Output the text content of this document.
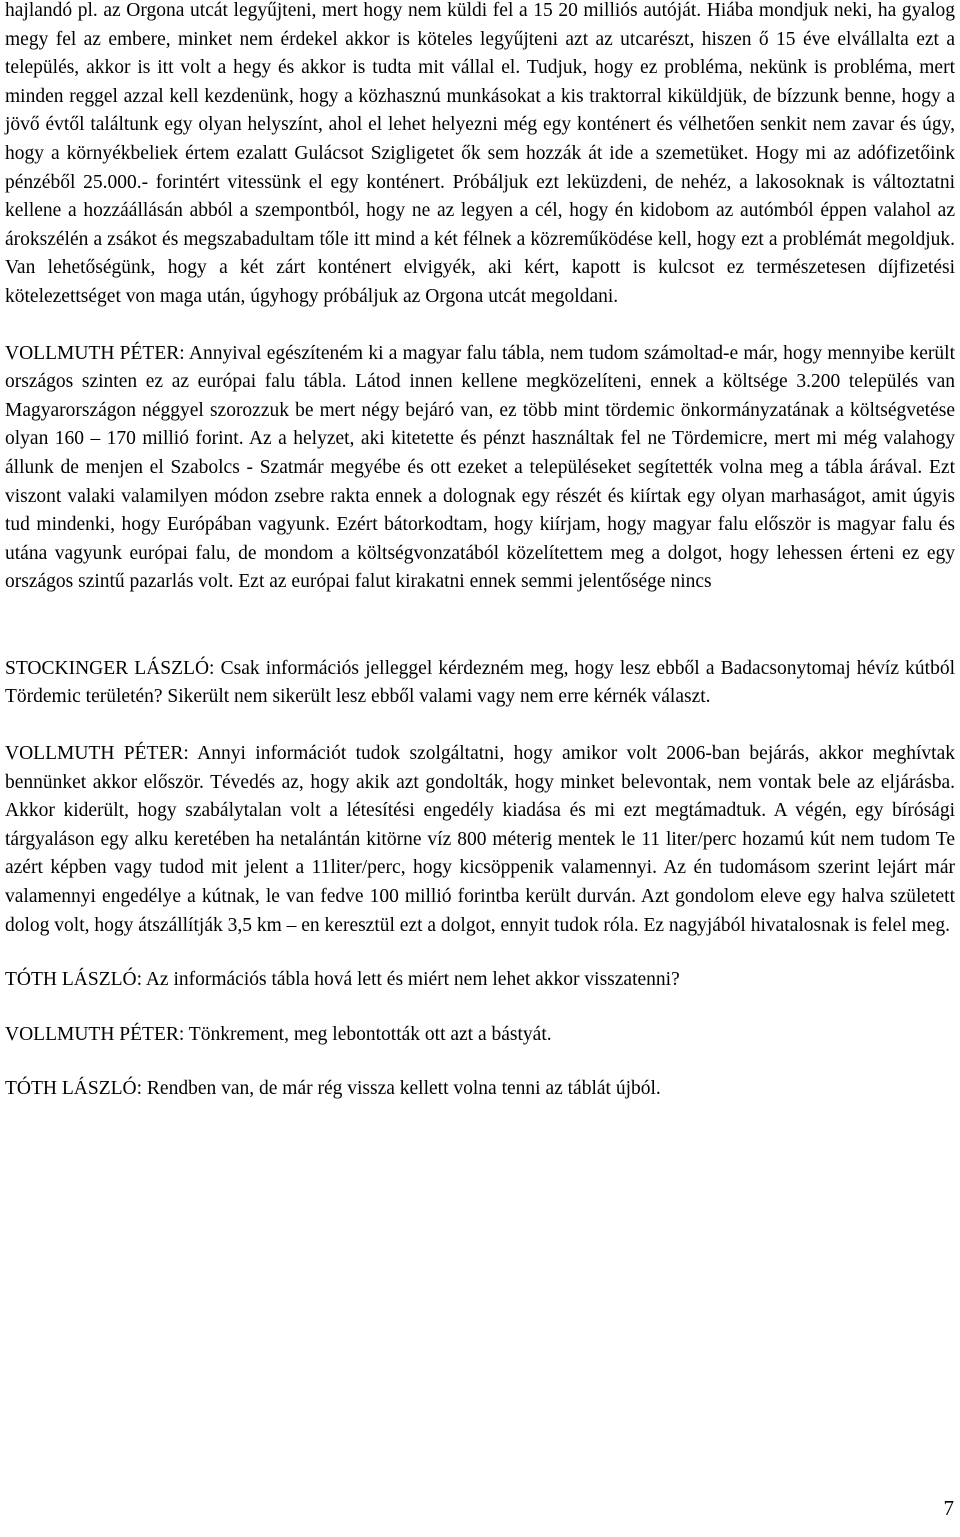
hajlandó pl. az Orgona utcát legyűjteni, mert hogy nem küldi fel a 15 20 milliós autóját. Hiába mondjuk neki, ha gyalog megy fel az embere, minket nem érdekel akkor is köteles legyűjteni azt az utcarészt, hiszen ő 15 éve elvállalta ezt a település, akkor is itt volt a hegy és akkor is tudta mit vállal el. Tudjuk, hogy ez probléma, nekünk is probléma, mert minden reggel azzal kell kezdenünk, hogy a közhasznú munkásokat a kis traktorral kiküldjük, de bízzunk benne, hogy a jövő évtől találtunk egy olyan helyszínt, ahol el lehet helyezni még egy konténert és vélhetően senkit nem zavar és úgy, hogy a környékbeliek értem ezalatt Gulácsot Szigligetet ők sem hozzák át ide a szemetüket. Hogy mi az adófizetőink pénzéből 25.000.- forintért vitessünk el egy konténert. Próbáljuk ezt leküzdeni, de nehéz, a lakosoknak is változtatni kellene a hozzáállásán abból a szempontból, hogy ne az legyen a cél, hogy én kidobom az autómból éppen valahol az árokszélén a zsákot és megszabadultam tőle itt mind a két félnek a közreműködése kell, hogy ezt a problémát megoldjuk. Van lehetőségünk, hogy a két zárt konténert elvigyék, aki kért, kapott is kulcsot ez természetesen díjfizetési kötelezettséget von maga után, úgyhogy próbáljuk az Orgona utcát megoldani.

VOLLMUTH PÉTER: Annyival egészíteném ki a magyar falu tábla, nem tudom számoltad-e már, hogy mennyibe került országos szinten ez az európai falu tábla. Látod innen kellene megközelíteni, ennek a költsége 3.200 település van Magyarországon néggyel szorozzuk be mert négy bejáró van, ez több mint tördemic önkormányzatának a költségvetése olyan 160 – 170 millió forint. Az a helyzet, aki kitetette és pénzt használtak fel ne Tördemicre, mert mi még valahogy állunk de menjen el Szabolcs - Szatmár megyébe és ott ezeket a településeket segítették volna meg a tábla árával. Ezt viszont valaki valamilyen módon zsebre rakta ennek a dolognak egy részét és kiírtak egy olyan marhaságot, amit úgyis tud mindenki, hogy Európában vagyunk. Ezért bátorkodtam, hogy kiírjam, hogy magyar falu először is magyar falu és utána vagyunk európai falu, de mondom a költségvonzatából közelítettem meg a dolgot, hogy lehessen érteni ez egy országos szintű pazarlás volt. Ezt az európai falut kirakatni ennek semmi jelentősége nincs

STOCKINGER LÁSZLÓ: Csak információs jelleggel kérdezném meg, hogy lesz ebből a Badacsonytomaj hévíz kútból Tördemic területén? Sikerült nem sikerült lesz ebből valami vagy nem erre kérnék választ.

VOLLMUTH PÉTER: Annyi információt tudok szolgáltatni, hogy amikor volt 2006-ban bejárás, akkor meghívtak bennünket akkor először. Tévedés az, hogy akik azt gondolták, hogy minket belevontak, nem vontak bele az eljárásba. Akkor kiderült, hogy szabálytalan volt a létesítési engedély kiadása és mi ezt megtámadtuk. A végén, egy bírósági tárgyaláson egy alku keretében ha netalántán kitörne víz 800 méterig mentek le 11 liter/perc hozamú kút nem tudom Te azért képben vagy tudod mit jelent a 11liter/perc, hogy kicsöppenik valamennyi. Az én tudomásom szerint lejárt már valamennyi engedélye a kútnak, le van fedve 100 millió forintba került durván. Azt gondolom eleve egy halva született dolog volt, hogy átszállítják 3,5 km – en keresztül ezt a dolgot, ennyit tudok róla. Ez nagyjából hivatalosnak is felel meg.

TÓTH LÁSZLÓ: Az információs tábla hová lett és miért nem lehet akkor visszatenni?

VOLLMUTH PÉTER: Tönkrement, meg lebontották ott azt a bástyát.

TÓTH LÁSZLÓ: Rendben van, de már rég vissza kellett volna tenni az táblát újból.

7
